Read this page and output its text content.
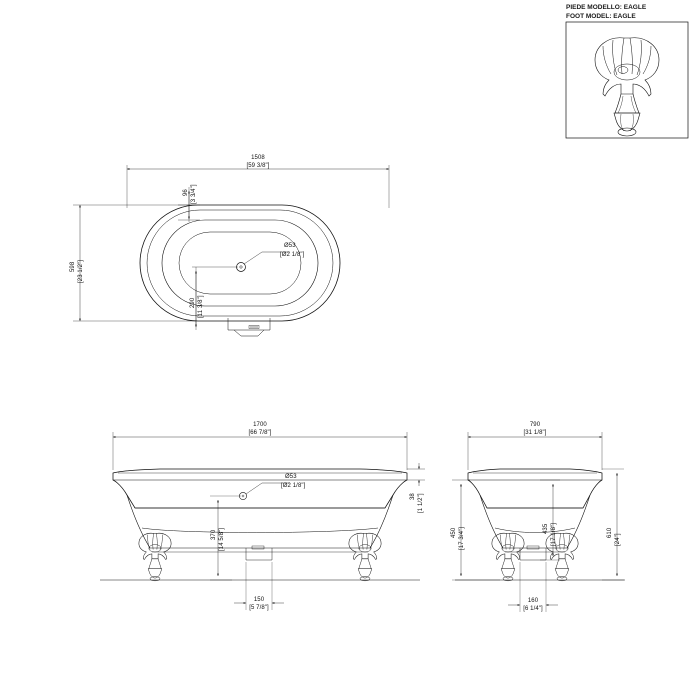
PIEDE MODELLO: EAGLE
FOOT MODEL: EAGLE
1508
[59 3/8"]
598 [23 1/2"]
96 [3 3/4"]
290 [11 3/8"]
Ø53
[Ø2 1/8"]
1700
[66 7/8"]
38 [1 1/2"]
370 [14 5/8"]
Ø53
[Ø2 1/8"]
150
[5 7/8"]
790
[31 1/8"]
450 [17 3/4"]	435 [17 1/8"]	610
[24"]
160
[6 1/4"]
